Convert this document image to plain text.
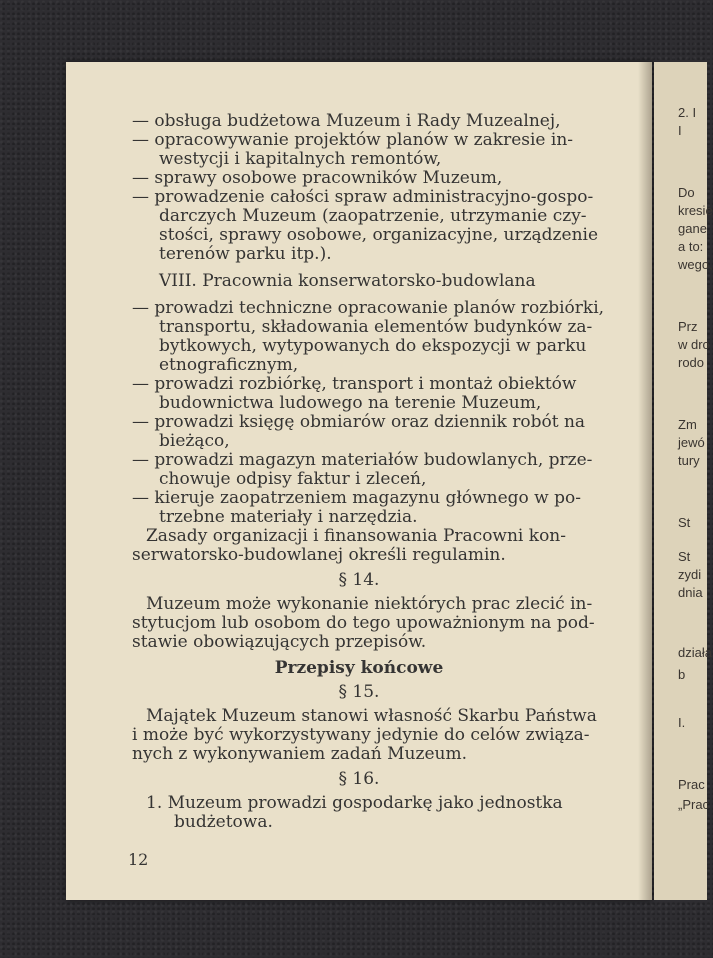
2. I
I
Do
kresie
gane
a to:
wego,
Prz
w dro
rodo
Zm
jewó
tury
St
St
zydi
dnia
działa
b
I.
Prac
„Prac
— obsługa budżetowa Muzeum i Rady Muzealnej,
— opracowywanie projektów planów w zakresie in-
westycji i kapitalnych remontów,
— sprawy osobowe pracowników Muzeum,
— prowadzenie całości spraw administracyjno-gospo-
darczych Muzeum (zaopatrzenie, utrzymanie czy-
stości, sprawy osobowe, organizacyjne, urządzenie
terenów parku itp.).
VIII. Pracownia konserwatorsko-budowlana
— prowadzi techniczne opracowanie planów rozbiórki,
transportu, składowania elementów budynków za-
bytkowych, wytypowanych do ekspozycji w parku
etnograficznym,
— prowadzi rozbiórkę, transport i montaż obiektów
budownictwa ludowego na terenie Muzeum,
— prowadzi księgę obmiarów oraz dziennik robót na
bieżąco,
— prowadzi magazyn materiałów budowlanych, prze-
chowuje odpisy faktur i zleceń,
— kieruje zaopatrzeniem magazynu głównego w po-
trzebne materiały i narzędzia.
Zasady organizacji i finansowania Pracowni kon-
serwatorsko-budowlanej określi regulamin.
§ 14.
Muzeum może wykonanie niektórych prac zlecić in-
stytucjom lub osobom do tego upoważnionym na pod-
stawie obowiązujących przepisów.
Przepisy końcowe
§ 15.
Majątek Muzeum stanowi własność Skarbu Państwa
i może być wykorzystywany jedynie do celów związa-
nych z wykonywaniem zadań Muzeum.
§ 16.
1. Muzeum prowadzi gospodarkę jako jednostka
budżetowa.
12
